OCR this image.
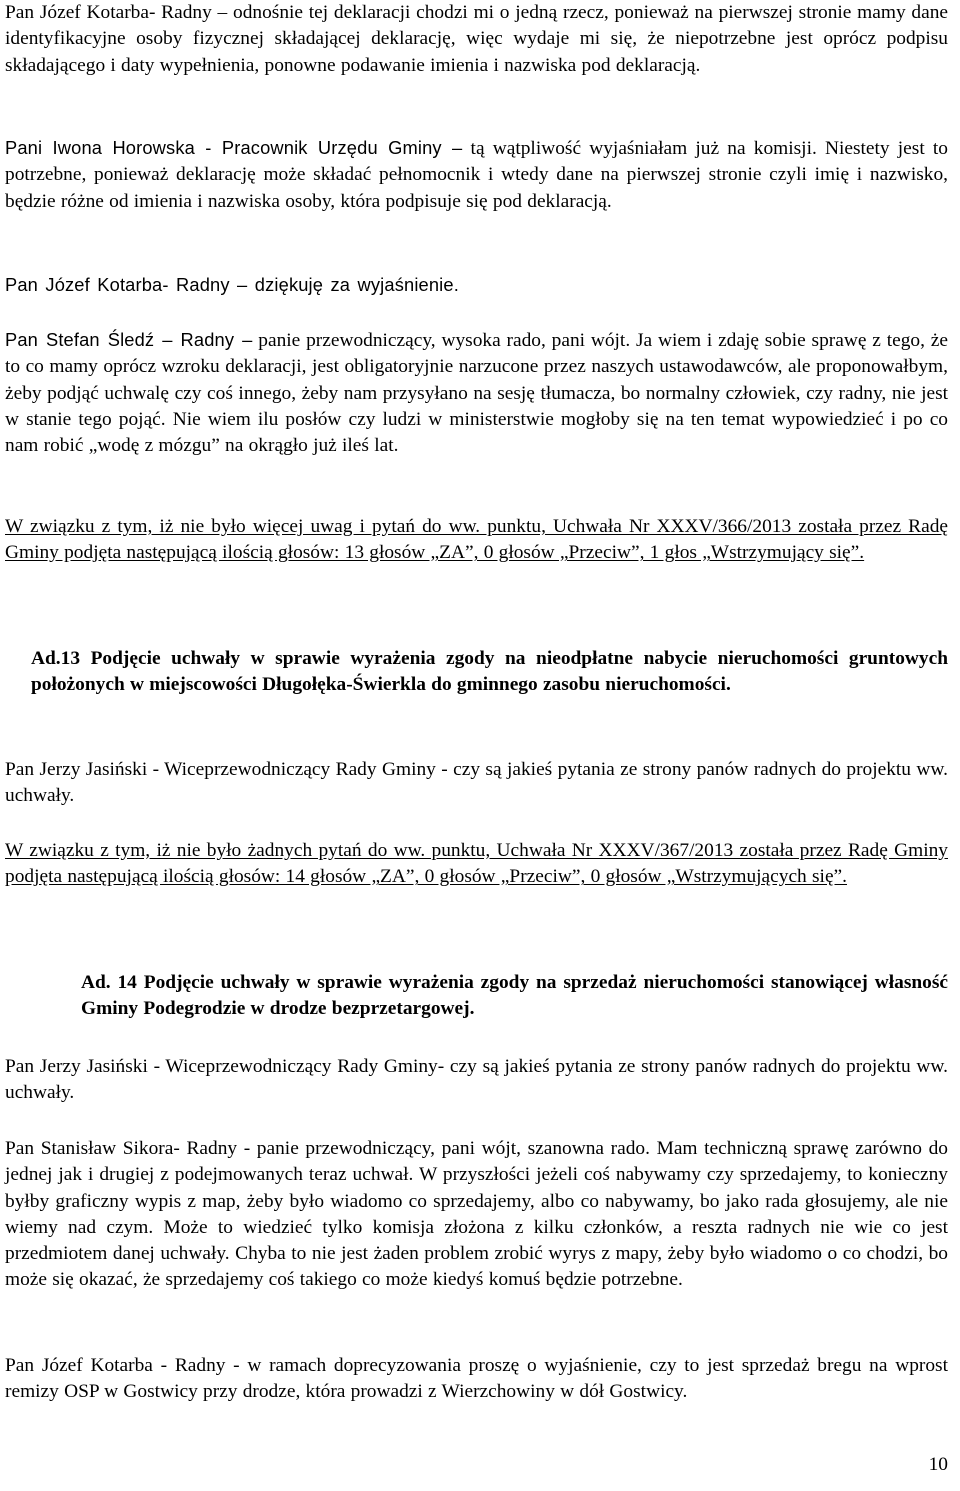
Pan Józef Kotarba- Radny – odnośnie tej deklaracji chodzi mi o jedną rzecz, ponieważ na pierwszej stronie mamy dane identyfikacyjne osoby fizycznej składającej deklarację, więc wydaje mi się, że niepotrzebne jest oprócz podpisu składającego i daty wypełnienia, ponowne podawanie imienia i nazwiska pod deklaracją.

Pani Iwona Horowska - Pracownik Urzędu Gminy – tą wątpliwość wyjaśniałam już na komisji. Niestety jest to potrzebne, ponieważ deklarację może składać pełnomocnik i wtedy dane na pierwszej stronie czyli imię i nazwisko, będzie różne od imienia i nazwiska osoby, która podpisuje się pod deklaracją.

Pan Józef Kotarba- Radny – dziękuję za wyjaśnienie.

Pan Stefan Śledź – Radny – panie przewodniczący, wysoka rado, pani wójt. Ja wiem i zdaję sobie sprawę z tego, że to co mamy oprócz wzroku deklaracji, jest obligatoryjnie narzucone przez naszych ustawodawców, ale proponowałbym, żeby podjąć uchwalę czy coś innego, żeby nam przysyłano na sesję tłumacza, bo normalny człowiek, czy radny, nie jest w stanie tego pojąć. Nie wiem ilu posłów czy ludzi w ministerstwie mogłoby się na ten temat wypowiedzieć i po co nam robić „wodę z mózgu” na okrągło już ileś lat.

W związku z tym, iż nie było więcej uwag i pytań do ww. punktu, Uchwała Nr XXXV/366/2013 została przez Radę Gminy podjęta następującą ilością głosów: 13 głosów „ZA”, 0 głosów „Przeciw”, 1 głos „Wstrzymujący się”.

Ad.13 Podjęcie uchwały w sprawie wyrażenia zgody na nieodpłatne nabycie nieruchomości gruntowych położonych w miejscowości Długołęka-Świerkla do gminnego zasobu nieruchomości.

Pan Jerzy Jasiński - Wiceprzewodniczący Rady Gminy - czy są jakieś pytania ze strony panów radnych do projektu ww. uchwały.

W związku z tym, iż nie było żadnych pytań do ww. punktu, Uchwała Nr XXXV/367/2013 została przez Radę Gminy podjęta następującą ilością głosów: 14 głosów „ZA”, 0 głosów „Przeciw”, 0 głosów „Wstrzymujących się”.

Ad. 14 Podjęcie uchwały w sprawie wyrażenia zgody na sprzedaż nieruchomości stanowiącej własność Gminy Podegrodzie w drodze bezprzetargowej.

Pan Jerzy Jasiński - Wiceprzewodniczący Rady Gminy- czy są jakieś pytania ze strony panów radnych do projektu ww. uchwały.

Pan Stanisław Sikora- Radny - panie przewodniczący, pani wójt, szanowna rado. Mam techniczną sprawę zarówno do jednej jak i drugiej z podejmowanych teraz uchwał. W przyszłości jeżeli coś nabywamy czy sprzedajemy, to konieczny byłby graficzny wypis z map, żeby było wiadomo co sprzedajemy, albo co nabywamy, bo jako rada głosujemy, ale nie wiemy nad czym. Może to wiedzieć tylko komisja złożona z kilku członków, a reszta radnych nie wie co jest przedmiotem danej uchwały. Chyba to nie jest żaden problem zrobić wyrys z mapy, żeby było wiadomo o co chodzi, bo może się okazać, że sprzedajemy coś takiego co może kiedyś komuś będzie potrzebne.

Pan Józef Kotarba - Radny - w ramach doprecyzowania proszę o wyjaśnienie, czy to jest sprzedaż bregu na wprost remizy OSP w Gostwicy przy drodze, która prowadzi z Wierzchowiny w dół Gostwicy.

10
